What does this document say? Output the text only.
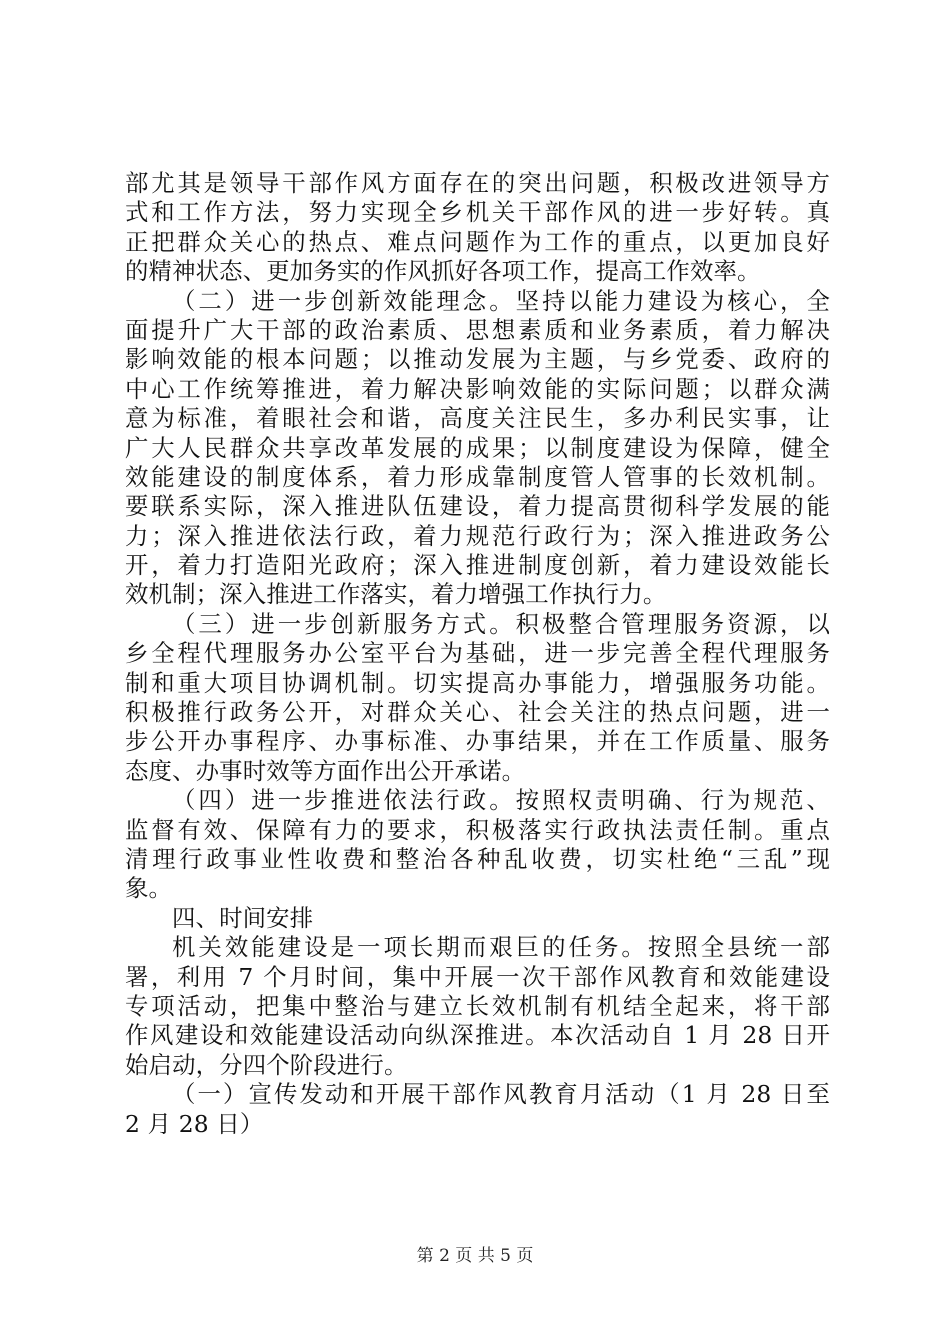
部尤其是领导干部作风方面存在的突出问题，积极改进领导方
式和工作方法，努力实现全乡机关干部作风的进一步好转。真
正把群众关心的热点、难点问题作为工作的重点，以更加良好
的精神状态、更加务实的作风抓好各项工作，提高工作效率。
（二）进一步创新效能理念。坚持以能力建设为核心，全
面提升广大干部的政治素质、思想素质和业务素质，着力解决
影响效能的根本问题；以推动发展为主题，与乡党委、政府的
中心工作统筹推进，着力解决影响效能的实际问题；以群众满
意为标准，着眼社会和谐，高度关注民生，多办利民实事，让
广大人民群众共享改革发展的成果；以制度建设为保障，健全
效能建设的制度体系，着力形成靠制度管人管事的长效机制。
要联系实际，深入推进队伍建设，着力提高贯彻科学发展的能
力；深入推进依法行政，着力规范行政行为；深入推进政务公
开，着力打造阳光政府；深入推进制度创新，着力建设效能长
效机制；深入推进工作落实，着力增强工作执行力。
（三）进一步创新服务方式。积极整合管理服务资源，以
乡全程代理服务办公室平台为基础，进一步完善全程代理服务
制和重大项目协调机制。切实提高办事能力，增强服务功能。
积极推行政务公开，对群众关心、社会关注的热点问题，进一
步公开办事程序、办事标准、办事结果，并在工作质量、服务
态度、办事时效等方面作出公开承诺。
（四）进一步推进依法行政。按照权责明确、行为规范、
监督有效、保障有力的要求，积极落实行政执法责任制。重点
清理行政事业性收费和整治各种乱收费，切实杜绝“三乱”现
象。
四、时间安排
机关效能建设是一项长期而艰巨的任务。按照全县统一部
署，利用 7 个月时间，集中开展一次干部作风教育和效能建设
专项活动，把集中整治与建立长效机制有机结全起来，将干部
作风建设和效能建设活动向纵深推进。本次活动自 1 月 28 日开
始启动，分四个阶段进行。
（一）宣传发动和开展干部作风教育月活动（1 月 28 日至
2 月 28 日）
第 2 页 共 5 页
